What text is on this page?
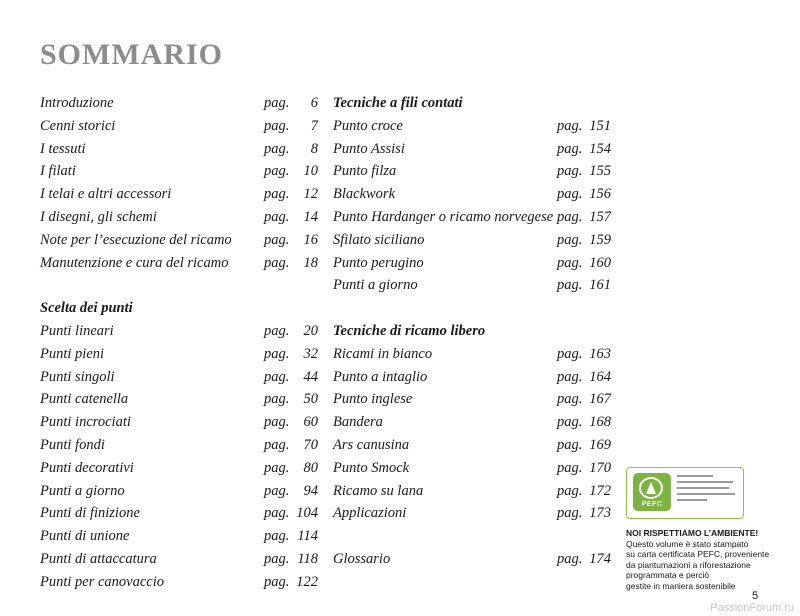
SOMMARIO
Introduzione	pag.	6
Cenni storici	pag.	7
I tessuti	pag.	8
I filati	pag. 10
I telai e altri accessori	pag. 12
I disegni, gli schemi	pag. 14
Note per l’esecuzione del ricamo pag. 16
Manutenzione e cura del ricamo pag. 18
Scelta dei punti
Punti lineari	pag. 20
Punti pieni	pag. 32
Punti singoli	pag. 44
Punti catenella	pag. 50
Punti incrociati	pag. 60
Punti fondi	pag. 70
Punti decorativi	pag. 80
Punti a giorno	pag. 94
Punti di finizione	pag. 104
Punti di unione	pag. 114
Punti di attaccatura	pag. 118
Punti per canovaccio	pag. 122
Tecniche a fili contati
Punto croce	pag. 151
Punto Assisi	pag. 154
Punto filza	pag. 155
Blackwork	pag. 156
Punto Hardanger o ricamo norvegese pag. 157
Sfilato siciliano	pag. 159
Punto perugino	pag. 160
Punti a giorno	pag. 161
Tecniche di ricamo libero
Ricami in bianco	pag. 163
Punto a intaglio	pag. 164
Punto inglese	pag. 167
Bandera	pag. 168
Ars canusina	pag. 169
Punto Smock	pag. 170
Ricamo su lana	pag. 172
Applicazioni	pag. 173
Glossario	pag. 174
PEFC
NOI RISPETTIAMO L’AMBIENTE!
Questo volume è stato stampato
su carta certificata PEFC, proveniente
da piantumazioni a riforestazione
programmata e perciò
gestite in maniera sostenibile
5
PassionForum.ru
